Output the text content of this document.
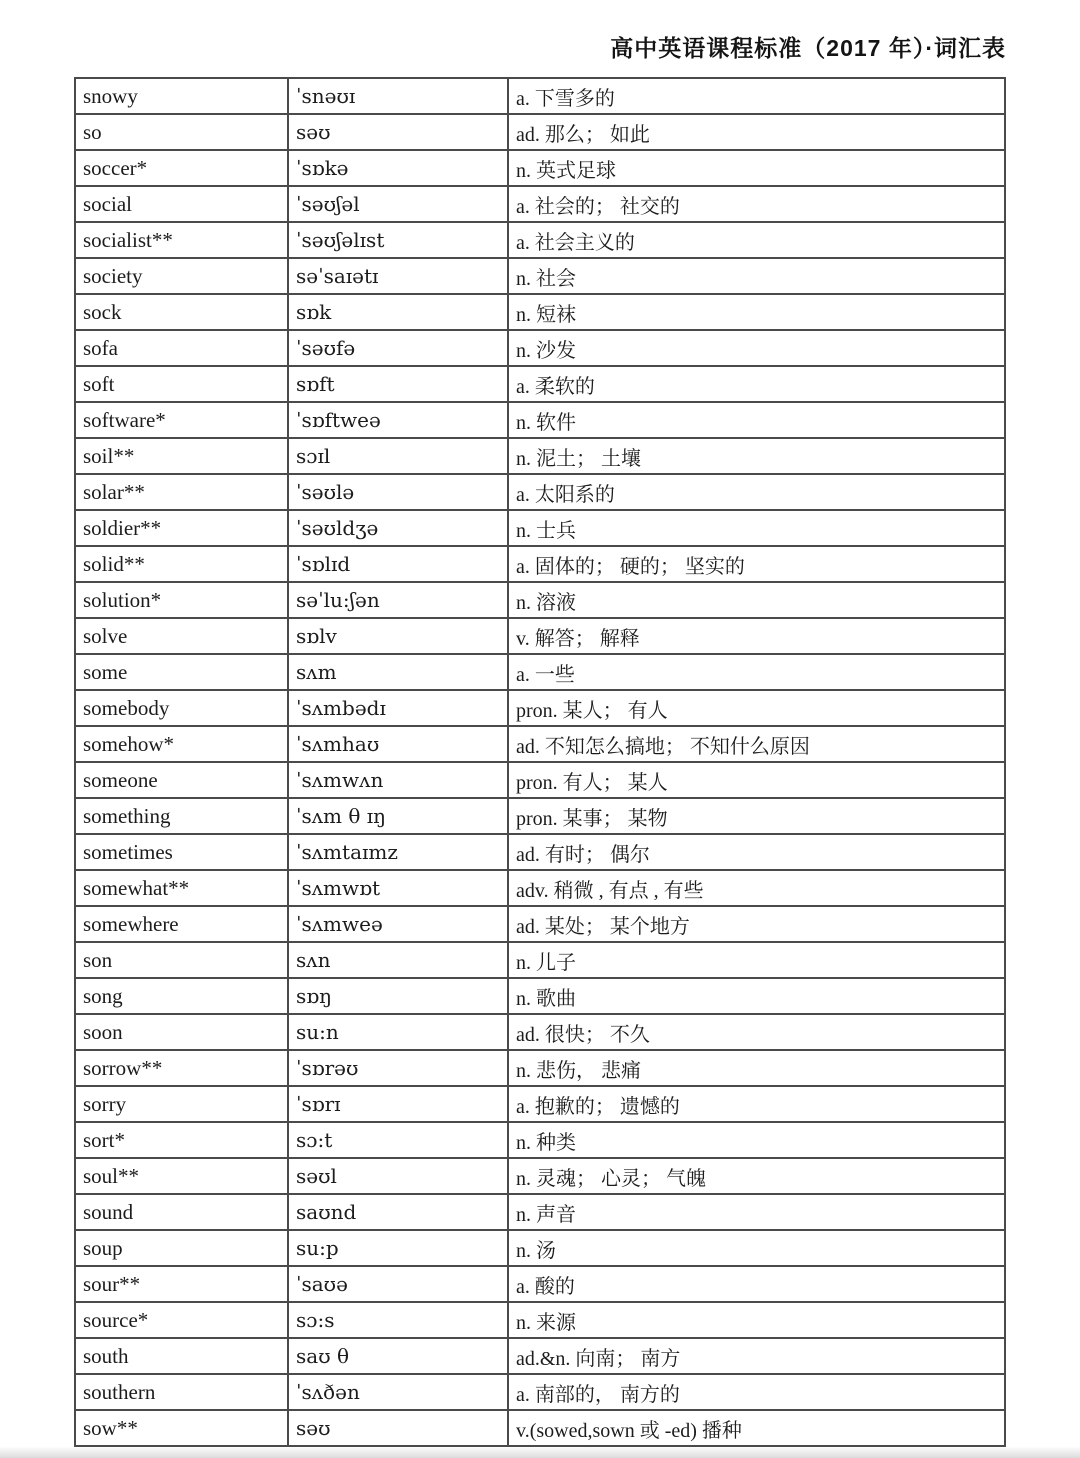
高中英语课程标准（2017 年）·词汇表
snowy	ˈsnəʊɪ	a. 下雪多的
so	səʊ	ad. 那么； 如此
soccer*	ˈsɒkə	n. 英式足球
social	ˈsəʊʃəl	a. 社会的； 社交的
socialist**	ˈsəʊʃəlɪst	a. 社会主义的
society	səˈsaɪətɪ	n. 社会
sock	sɒk	n. 短袜
sofa	ˈsəʊfə	n. 沙发
soft	sɒft	a. 柔软的
software*	ˈsɒftweə	n. 软件
soil**	sɔɪl	n. 泥土； 土壤
solar**	ˈsəʊlə	a. 太阳系的
soldier**	ˈsəʊldʒə	n. 士兵
solid**	ˈsɒlɪd	a. 固体的； 硬的； 坚实的
solution*	səˈlu:ʃən	n. 溶液
solve	sɒlv	v. 解答； 解释
some	sʌm	a. 一些
somebody	ˈsʌmbədɪ	pron. 某人； 有人
somehow*	ˈsʌmhaʊ	ad. 不知怎么搞地； 不知什么原因
someone	ˈsʌmwʌn	pron. 有人； 某人
something	ˈsʌm θ ɪŋ	pron. 某事； 某物
sometimes	ˈsʌmtaɪmz	ad. 有时； 偶尔
somewhat**	ˈsʌmwɒt	adv. 稍微 , 有点 , 有些
somewhere	ˈsʌmweə	ad. 某处； 某个地方
son	sʌn	n. 儿子
song	sɒŋ	n. 歌曲
soon	su:n	ad. 很快； 不久
sorrow**	ˈsɒrəʊ	n. 悲伤， 悲痛
sorry	ˈsɒrɪ	a. 抱歉的； 遗憾的
sort*	sɔ:t	n. 种类
soul**	səʊl	n. 灵魂； 心灵； 气魄
sound	saʊnd	n. 声音
soup	su:p	n. 汤
sour**	ˈsaʊə	a. 酸的
source*	sɔ:s	n. 来源
south	saʊ θ	ad.&n. 向南； 南方
southern	ˈsʌðən	a. 南部的， 南方的
sow**	səʊ	v.(sowed,sown 或 -ed) 播种
